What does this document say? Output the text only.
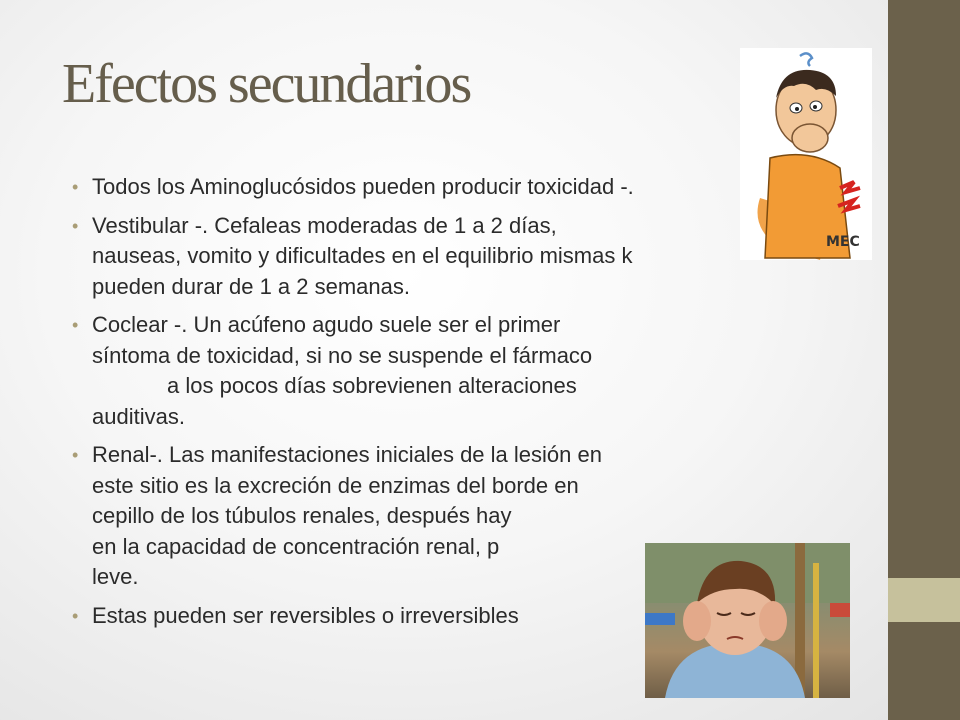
Efectos secundarios
• Todos los Aminoglucósidos pueden producir toxicidad -.
• Vestibular -. Cefaleas moderadas de 1 a 2 días,
nauseas, vomito y dificultades en el equilibrio mismas k
pueden durar de 1 a 2 semanas.
• Coclear -. Un acúfeno agudo suele ser el primer
síntoma de toxicidad, si no se suspende el fármaco
a los pocos días sobrevienen alteraciones
auditivas.
• Renal-. Las manifestaciones iniciales de la lesión en
este sitio es la excreción de enzimas del borde en
cepillo de los túbulos renales, después hay
en la capacidad de concentración renal, p
leve.
• Estas pueden ser reversibles o irreversibles
MEC
